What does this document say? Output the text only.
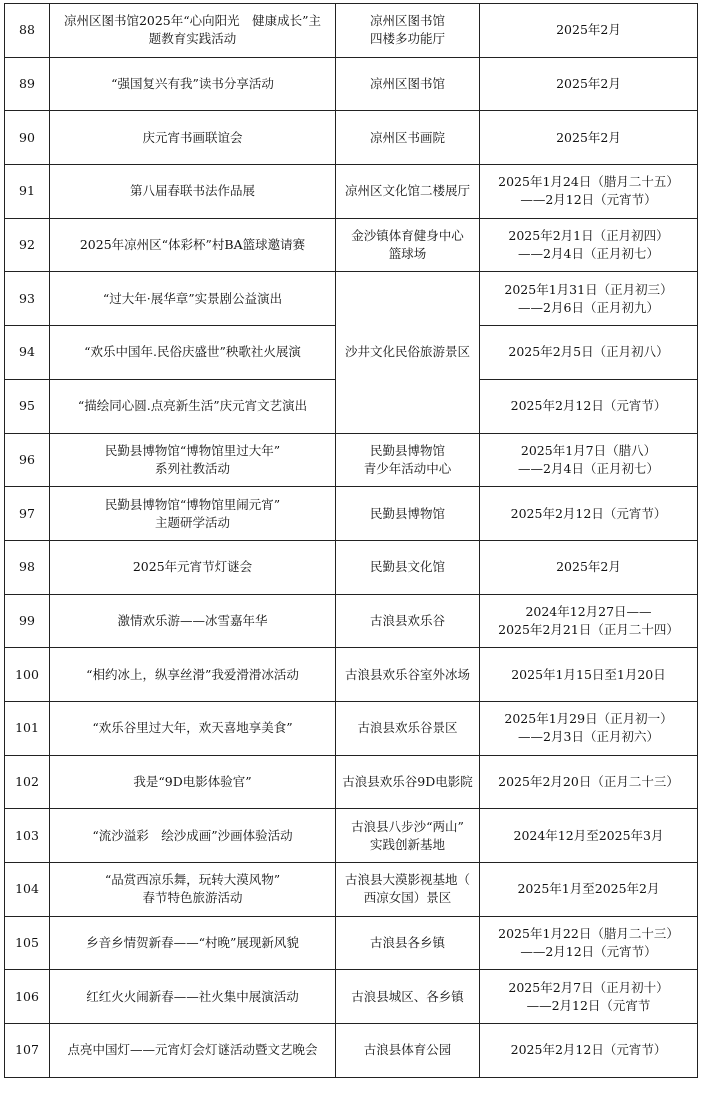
88	凉州区图书馆2025年“心向阳光　健康成长”主
题教育实践活动	凉州区图书馆
四楼多功能厅	2025年2月

89	“强国复兴有我”读书分享活动	凉州区图书馆	2025年2月

90	庆元宵书画联谊会	凉州区书画院	2025年2月

91	第八届春联书法作品展	凉州区文化馆二楼展厅	2025年1月24日（腊月二十五）
——2月12日（元宵节）

92	2025年凉州区“体彩杯”村BA篮球邀请赛	金沙镇体育健身中心
篮球场	2025年2月1日（正月初四）
——2月4日（正月初七）

93	“过大年·展华章”实景剧公益演出	沙井文化民俗旅游景区	2025年1月31日（正月初三）
——2月6日（正月初九）

94	“欢乐中国年.民俗庆盛世”秧歌社火展演		2025年2月5日（正月初八）

95	“描绘同心圆.点亮新生活”庆元宵文艺演出		2025年2月12日（元宵节）

96	民勤县博物馆“博物馆里过大年”
系列社教活动	民勤县博物馆
青少年活动中心	2025年1月7日（腊八）
——2月4日（正月初七）

97	民勤县博物馆“博物馆里闹元宵”
主题研学活动	民勤县博物馆	2025年2月12日（元宵节）

98	2025年元宵节灯谜会	民勤县文化馆	2025年2月

99	激情欢乐游——冰雪嘉年华	古浪县欢乐谷	2024年12月27日——
2025年2月21日（正月二十四）

100	“相约冰上，纵享丝滑”我爱滑滑冰活动	古浪县欢乐谷室外冰场	2025年1月15日至1月20日

101	“欢乐谷里过大年，欢天喜地享美食”	古浪县欢乐谷景区	2025年1月29日（正月初一）
——2月3日（正月初六）

102	我是“9D电影体验官”	古浪县欢乐谷9D电影院	2025年2月20日（正月二十三）

103	“流沙溢彩　绘沙成画”沙画体验活动	古浪县八步沙“两山”
实践创新基地	2024年12月至2025年3月

104	“品赏西凉乐舞，玩转大漠风物”
春节特色旅游活动	古浪县大漠影视基地（
西凉女国）景区	2025年1月至2025年2月

105	乡音乡情贺新春——“村晚”展现新风貌	古浪县各乡镇	2025年1月22日（腊月二十三）
——2月12日（元宵节）

106	红红火火闹新春——社火集中展演活动	古浪县城区、各乡镇	2025年2月7日（正月初十）
——2月12日（元宵节

107	点亮中国灯——元宵灯会灯谜活动暨文艺晚会	古浪县体育公园	2025年2月12日（元宵节）
